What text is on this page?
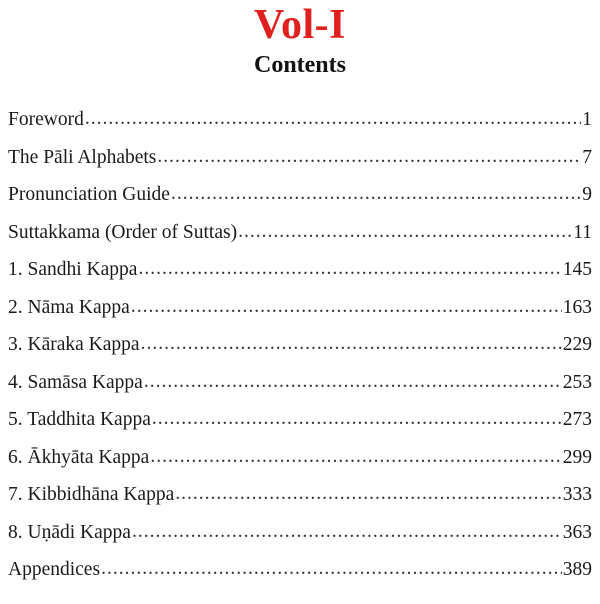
Vol-I
Contents
Foreword .....	1
The Pāli Alphabets .....	7
Pronunciation Guide .....	9
Suttakkama (Order of Suttas) .....	11
1. Sandhi Kappa .....	145
2. Nāma Kappa .....	163
3. Kāraka Kappa .....	229
4. Samāsa Kappa .....	253
5. Taddhita Kappa .....	273
6. Ākhyāta Kappa .....	299
7. Kibbidhāna Kappa .....	333
8. Uṇādi Kappa .....	363
Appendices .....	389
